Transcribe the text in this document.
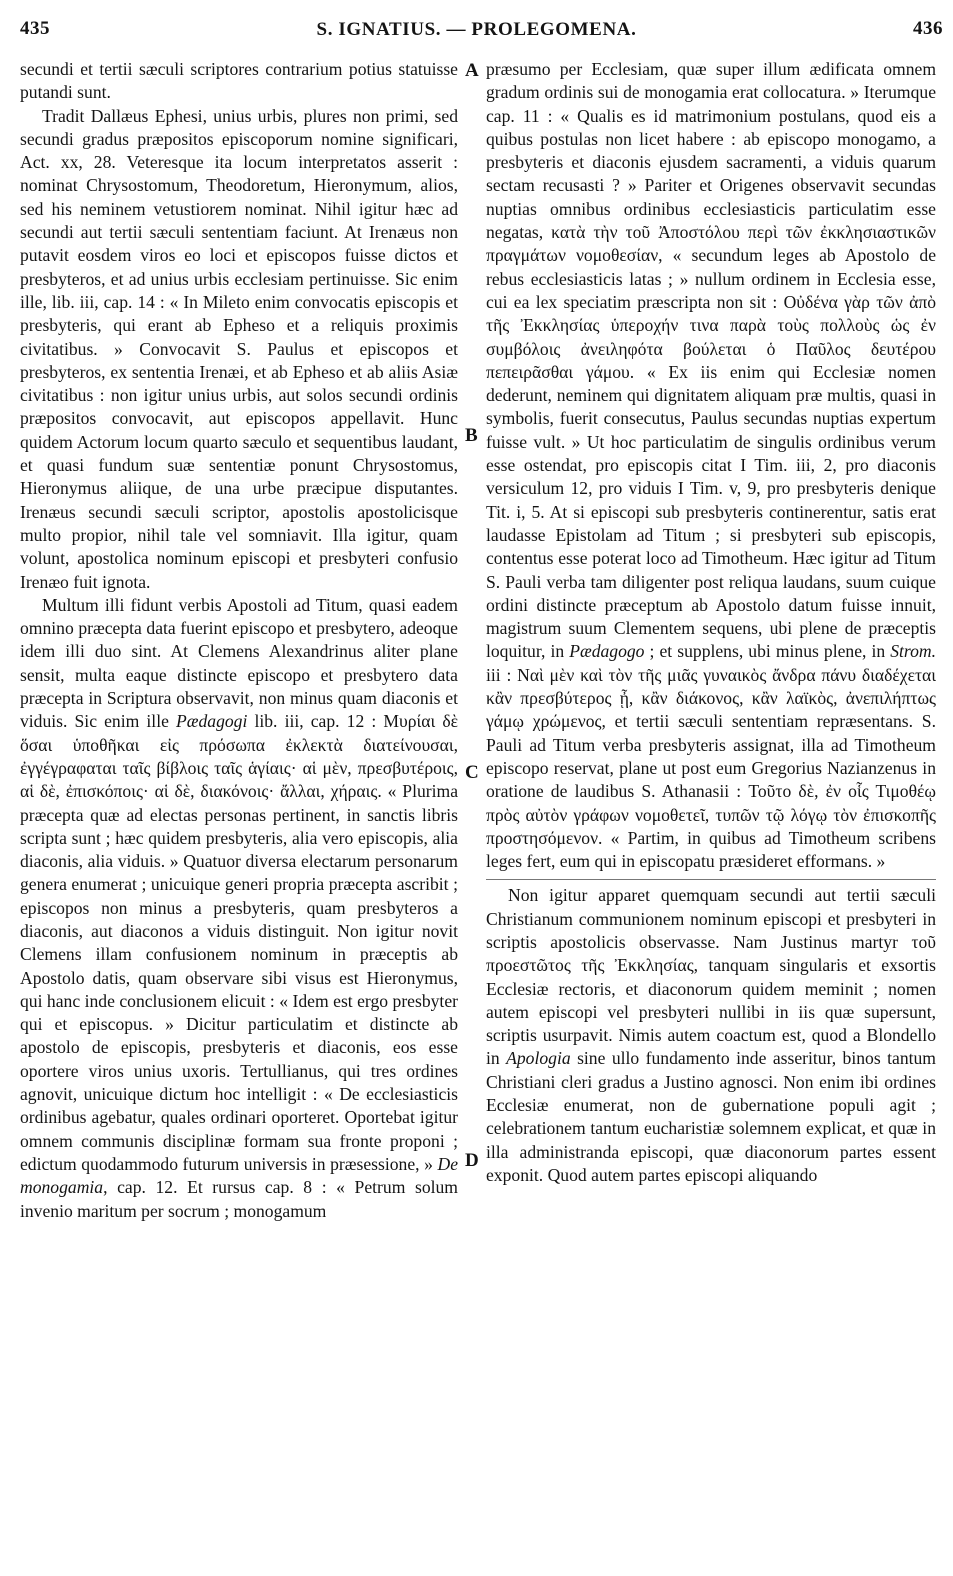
435	S. IGNATIUS. — PROLEGOMENA.	436

secundi et tertii sæculi scriptores contrarium potius statuisse putandi sunt.

Tradit Dallæus Ephesi, unius urbis, plures non primi, sed secundi gradus præpositos episcoporum nomine significari, Act. xx, 28. Veteresque ita locum interpretatos asserit : nominat Chrysostomum, Theodoretum, Hieronymum, alios, sed his neminem vetustiorem nominat. Nihil igitur hæc ad secundi aut tertii sæculi sententiam faciunt. At Irenæus non putavit eosdem viros eo loci et episcopos fuisse dictos et presbyteros, et ad unius urbis ecclesiam pertinuisse. Sic enim ille, lib. iii, cap. 14 : « In Mileto enim convocatis episcopis et presbyteris, qui erant ab Epheso et a reliquis proximis civitatibus. » Convocavit S. Paulus et episcopos et presbyteros, ex sententia Irenæi, et ab Epheso et ab aliis Asiæ civitatibus : non igitur unius urbis, aut solos secundi ordinis præpositos convocavit, aut episcopos appellavit. Hunc quidem Actorum locum quarto sæculo et sequentibus laudant, et quasi fundum suæ sententiæ ponunt Chrysostomus, Hieronymus aliique, de una urbe præcipue disputantes. Irenæus secundi sæculi scriptor, apostolis apostolicisque multo propior, nihil tale vel somniavit. Illa igitur, quam volunt, apostolica nominum episcopi et presbyteri confusio Irenæo fuit ignota.

Multum illi fidunt verbis Apostoli ad Titum, quasi eadem omnino præcepta data fuerint episcopo et presbytero, adeoque idem illi duo sint. At Clemens Alexandrinus aliter plane sensit, multa eaque distincte episcopo et presbytero data præcepta in Scriptura observavit, non minus quam diaconis et viduis. Sic enim ille Pædagogi lib. iii, cap. 12 : Μυρίαι δὲ ὅσαι ὑποθῆκαι εἰς πρόσωπα ἐκλεκτὰ διατείνουσαι, ἐγγέγραφαται ταῖς βίβλοις ταῖς ἁγίαις· αἱ μὲν, πρεσβυτέροις, αἱ δὲ, ἐπισκόποις· αἱ δὲ, διακόνοις· ἄλλαι, χήραις. « Plurima præcepta quæ ad electas personas pertinent, in sanctis libris scripta sunt ; hæc quidem presbyteris, alia vero episcopis, alia diaconis, alia viduis. » Quatuor diversa electarum personarum genera enumerat ; unicuique generi propria præcepta ascribit ; episcopos non minus a presbyteris, quam presbyteros a diaconis, aut diaconos a viduis distinguit. Non igitur novit Clemens illam confusionem nominum in præceptis ab Apostolo datis, quam observare sibi visus est Hieronymus, qui hanc inde conclusionem elicuit : « Idem est ergo presbyter qui et episcopus. » Dicitur particulatim et distincte ab apostolo de episcopis, presbyteris et diaconis, eos esse oportere viros unius uxoris. Tertullianus, qui tres ordines agnovit, unicuique dictum hoc intelligit : « De ecclesiasticis ordinibus agebatur, quales ordinari oporteret. Oportebat igitur omnem communis disciplinæ formam sua fronte proponi ; edictum quodammodo futurum universis in præsessione, » De monogamia, cap. 12. Et rursus cap. 8 : « Petrum solum invenio maritum per socrum ; monogamum

A
B
C
D

præsumo per Ecclesiam, quæ super illum ædificata omnem gradum ordinis sui de monogamia erat collocatura. » Iterumque cap. 11 : « Qualis es id matrimonium postulans, quod eis a quibus postulas non licet habere : ab episcopo monogamo, a presbyteris et diaconis ejusdem sacramenti, a viduis quarum sectam recusasti ? » Pariter et Origenes observavit secundas nuptias omnibus ordinibus ecclesiasticis particulatim esse negatas, κατὰ τὴν τοῦ Ἀποστόλου περὶ τῶν ἐκκλησιαστικῶν πραγμάτων νομοθεσίαν, « secundum leges ab Apostolo de rebus ecclesiasticis latas ; » nullum ordinem in Ecclesia esse, cui ea lex speciatim præscripta non sit : Οὐδένα γὰρ τῶν ἀπὸ τῆς Ἐκκλησίας ὑπεροχήν τινα παρὰ τοὺς πολλοὺς ὡς ἐν συμβόλοις ἀνειληφότα βούλεται ὁ Παῦλος δευτέρου πεπειρᾶσθαι γάμου. « Ex iis enim qui Ecclesiæ nomen dederunt, neminem qui dignitatem aliquam præ multis, quasi in symbolis, fuerit consecutus, Paulus secundas nuptias expertum fuisse vult. » Ut hoc particulatim de singulis ordinibus verum esse ostendat, pro episcopis citat I Tim. iii, 2, pro diaconis versiculum 12, pro viduis I Tim. v, 9, pro presbyteris denique Tit. i, 5. At si episcopi sub presbyteris continerentur, satis erat laudasse Epistolam ad Titum ; si presbyteri sub episcopis, contentus esse poterat loco ad Timotheum. Hæc igitur ad Titum S. Pauli verba tam diligenter post reliqua laudans, suum cuique ordini distincte præceptum ab Apostolo datum fuisse innuit, magistrum suum Clementem sequens, ubi plene de præceptis loquitur, in Pædagogo ; et supplens, ubi minus plene, in Strom. iii : Ναὶ μὲν καὶ τὸν τῆς μιᾶς γυναικὸς ἄνδρα πάνυ διαδέχεται κἂν πρεσβύτερος ᾖ, κἂν διάκονος, κἂν λαϊκὸς, ἀνεπιλήπτως γάμῳ χρώμενος, et tertii sæculi sententiam repræsentans. S. Pauli ad Titum verba presbyteris assignat, illa ad Timotheum episcopo reservat, plane ut post eum Gregorius Nazianzenus in oratione de laudibus S. Athanasii : Τοῦτο δὲ, ἐν οἷς Τιμοθέῳ πρὸς αὐτὸν γράφων νομοθετεῖ, τυπῶν τῷ λόγῳ τὸν ἐπισκοπῆς προστησόμενον. « Partim, in quibus ad Timotheum scribens leges fert, eum qui in episcopatu præsideret efformans. »

Non igitur apparet quemquam secundi aut tertii sæculi Christianum communionem nominum episcopi et presbyteri in scriptis apostolicis observasse. Nam Justinus martyr τοῦ προεστῶτος τῆς Ἐκκλησίας, tanquam singularis et exsortis Ecclesiæ rectoris, et diaconorum quidem meminit ; nomen autem episcopi vel presbyteri nullibi in iis quæ supersunt, scriptis usurpavit. Nimis autem coactum est, quod a Blondello in Apologia sine ullo fundamento inde asseritur, binos tantum Christiani cleri gradus a Justino agnosci. Non enim ibi ordines Ecclesiæ enumerat, non de gubernatione populi agit ; celebrationem tantum eucharistiæ solemnem explicat, et quæ in illa administranda episcopi, quæ diaconorum partes essent exponit. Quod autem partes episcopi aliquando
